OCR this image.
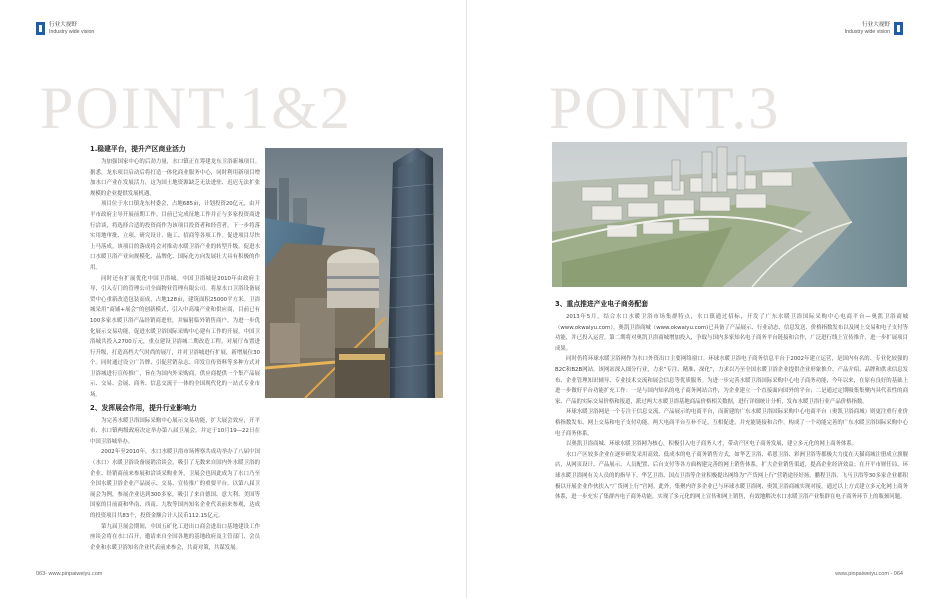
行业大视野
Industry wide vision
POINT.1&2
1.稳建平台，提升产区商业活力

为加强国家中心的后劲力量，水口镇正在筹建龙东卫浴新城项目。据悉，龙东项目启动后将打造一体化商业服务中心，同时利用新项目增加水口产业在发展活力，这为国土地资源缺乏无法进驻、迟迟无法扩张规模的企业提供发展机遇。

项目位于水口镇龙东村委会，占地685亩，计划投资20亿元，由开平市政府主导开展前期工作。目前已完成征地工作并正与多家投资商进行洽谈，将选择合适的投资商作为该项目投资者和经营者，下一步将落实用地审批、立项、研究设计、施工、招商等各项工作。促进项目尽快上马落成。该项目的落成将会对推动水暖卫浴产业的转型升级，促进水口水暖卫浴产业向规模化、品牌化、国际化方向发展壮大具有积极的作用。

同时还有扩展优化中国卫浴城。中国卫浴城是2010年由政府主导，引入专门的管理公司全面物业管理有限公司。将原水口卫浴设备展贸中心重新改造包装而成，占地128亩，建筑面积25000平方米。卫浴城采用“商铺+展会”的创新模式，引入中高端产业和供应商，目前已有100多家水暖卫浴产品经销商进驻，并辐射临外销售商户。为进一步优化展示交易功能，促进水暖卫浴国际采购中心建有工作的开展，中国卫浴城共投入2700万元，重点建设卫浴城二期改造工程，对展厅布置进行升级，打造高档大气时尚的展厅，并对卫浴城进行扩展，新增展位30个。同时通过设立广告牌、引促营销杂志、印发宣传资料等多种方式对卫浴城进行宣传推广，旨在为国内外采购商，供应商提供一个集产品展示、交易、会展、商务、信息交流于一体的全国现代化的一站式专业市场。

2、发挥展会作用，提升行业影响力

为完善水暖卫浴国际采购中心展示交易功能，扩大展会效应，开平市、水口镇两级政府决定举办第八届卫展会，并定于10月19—22日在中国卫浴城举办。

2002年至2010年，水口水暖卫浴市场博察共成功举办了八届中国（水口）水暖卫浴设备展销洽谈会，吸引了无数来自国内外水暖卫浴的企业、经销商前来参展和洽谈采购业务，卫展会也因此成为了水口乃至全国水暖卫浴企业产品展示、交易、宣传推广的重要平台。以第八届卫展会为例，参展企业达到300多家，吸引了来自德国、意大利、美国等国家的目前商和华南、西南、九牧等国内知名企业代表前来参观，达成的投资项目共83个，投资金额合计人民币112.15亿元。

第九届卫展会期间，中国五矿化工进出口商会进出口基地建设工作座谈会将在水口召开，邀请来自全国各地的基地政府及主管部门、会员企业和水暖卫浴知名企业代表前来参会，共商对策，共谋发展。

063- www.pinpaiweiyu.com
行业大视野
Industry wide vision
POINT.3
www.pinpaiweiyu.com - 064
3、重点推进产业电子商务配套

2013年5月，结合水口水暖卫浴市场集群特点，水口镇通过招标，开发了广东水暖卫浴国际采购中心电商平台—奥凯卫浴商城（www.okwaiyu.com）。奥凯卫浴商城（www.okwaiyu.com)已具备了产品展示、行业动态、信息发送、价格指数发布以及网上交易和电子支付等功能，并已投入运营。第二期将对奥凯卫浴商城增加投入，争取与国内多家知名电子商务平台链接和合作，广泛进行线上宣传推介，进一步扩展项目成果。

同时仍将环球水暖卫浴网作为水口外资出口主要网络窗口。环球水暖卫浴电子商务信息平台于2002年建立运营，是国内有名的、专业化较强的B2C和B2B网站。该网站深入细分行业，力求“专注、精准、深化”，力求以乃至全国水暖卫浴企业提供企业形象推介、产品介绍、品牌和供求信息发布、企业管理知识辅导、专业技术交流和展会信息等优质服务。为进一步完善水暖卫浴国际采购中心电子商务功能，今年以来，在原有良好的基础上进一步做好平台功能扩充工作：一是与国内知名的电子商务网站合作，为企业建立一个直接面向国外的平台；二是通过定期吸集集聚内具代表性的商家、产品的实际交易价格和报道，派过两大水暖卫浴基地商品价格相关数据，进行详细统计分析，发布水暖卫浴行业产品价格指数。

环球水暖卫浴网是一个专注于信息交流、产品展示的电商平台，而新建的广东水暖卫浴国际采购中心电商平台（奥凯卫浴商城）则更注重行业价格指数发布、网上交易和电子支付功能。两大电商平台互补不足，互相促进，并充能链接和合作，构成了一个功能完善的广东水暖卫浴国际采购中心电子商务体系。

以奥凯卫浴商城、环球水暖卫浴网为核心，积极引入电子商务人才，带动产区电子商务发展，建立多元化的网上商务体系。

水口产区较多企业在逐步研发采用高效、低成本的电子商务销售方式，如华艺卫浴、希恩卫浴、彩洲卫浴等都极大力度在天猫商城注册成立旗舰店，从网页设计、产品展示、人员配置、后台支付等各方面构建完善的网上销售体系，扩大企业销售渠道，提高企业经济效益；在开平市财任局、环球水暖卫浴网有关人员的的指导下，华艺卫浴、国点卫浴等企业积极提出网络为“产货网上行”营销途径好扬，鹏程卫浴、飞马卫浴等30多家企业都积极以开展企业作伙扶入“广货网上行”官网。此外，集聚内许多企业已与环球水暖卫浴网、奥凯卫浴商城实现对接。通过以上方式建立多元化网上商务体系，进一步充实了集群内电子商务功能，实现了多元化的网上宣传和网上销售，有效地解决水口水暖卫浴产业集群在电子商务环节上的瓶颈问题。
